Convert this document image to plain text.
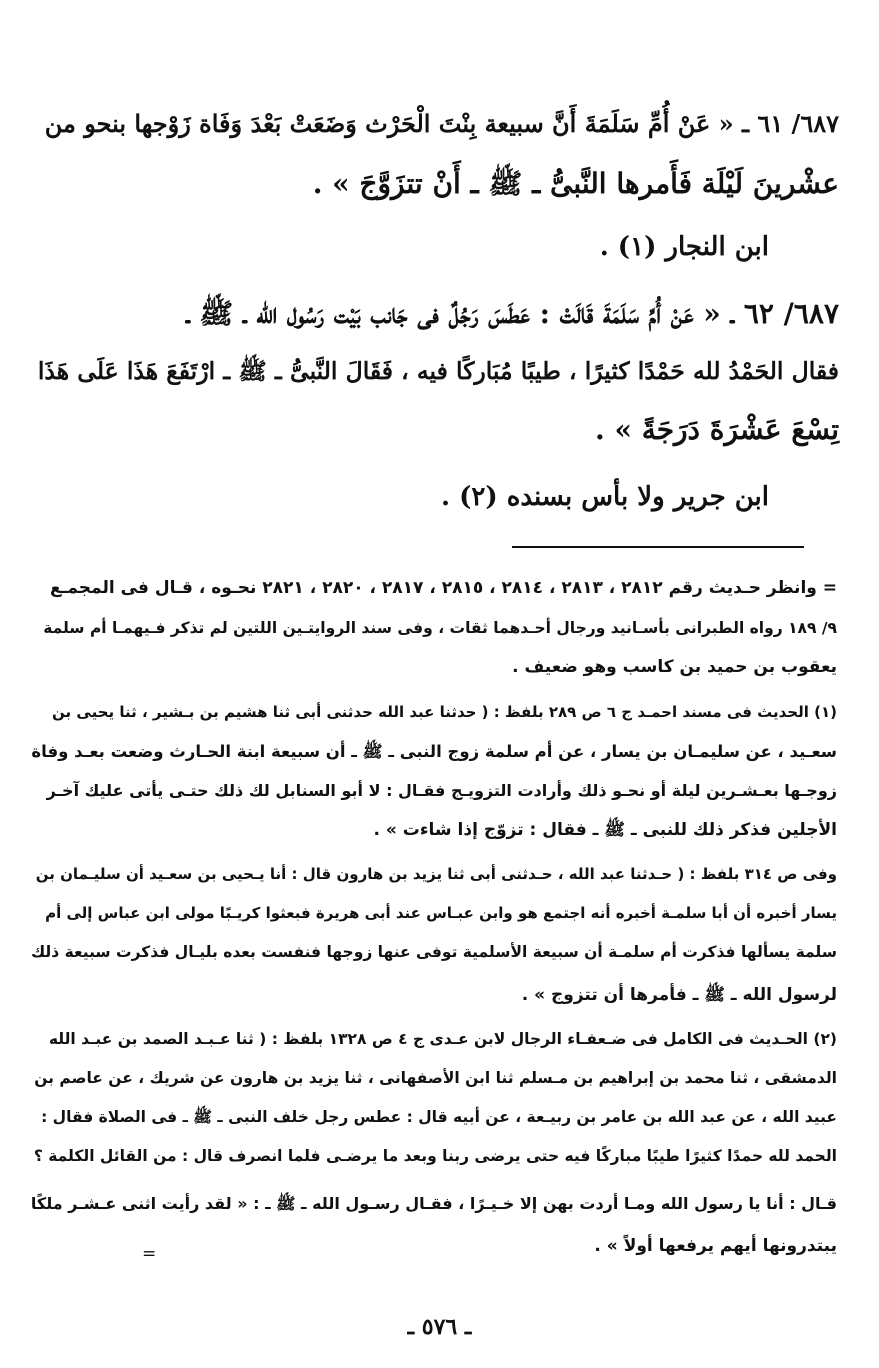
٦٨٧/ ٦١ ـ « عَنْ أُمِّ سَلَمَةَ أَنَّ سبيعة بِنْتَ الْحَرْث وَضَعَتْ بَعْدَ وَفَاة زَوْجها بنحو من
عشْرينَ لَيْلَة فَأَمرها النَّبىُّ ـ ﷺ ـ أَنْ تتزَوَّجَ » .
ابن النجار (١) .
٦٨٧/ ٦٢ ـ « عَنْ أُمِّ سَلَمَةَ قَالَتْ : عَطَسَ رَجُلٌ فى جَانب بَيْت رَسُول الله ـ ﷺ ـ
فقال الحَمْدُ لله حَمْدًا كثيرًا ، طيبًا مُبَاركًا فيه ، فَقَالَ النَّبىُّ ـ ﷺ ـ ارْتَفَعَ هَذَا عَلَى هَذَا
تِسْعَ عَشْرَةَ دَرَجَةً » .
ابن جرير ولا بأس بسنده (٢) .
= وانظر حـديث رقم ٢٨١٢ ، ٢٨١٣ ، ٢٨١٤ ، ٢٨١٥ ، ٢٨١٧ ، ٢٨٢٠ ، ٢٨٢١ نحـوه ، قـال فى المجمـع
٩/ ١٨٩ رواه الطبرانى بأسـانيد ورجال أحـدهما ثقات ، وفى سند الروايتـين اللتين لم تذكر فـيهمـا أم سلمة
يعقوب بن حميد بن كاسب وهو ضعيف .
(١) الحديث فى مسند احمـد ج ٦ ص ٢٨٩ بلفظ : ( حدثنا عبد الله حدثنى أبى ثنا هشيم بن بـشير ، ثنا يحيى بن
سعـيد ، عن سليمـان بن يسار ، عن أم سلمة زوج النبى ـ ﷺ ـ أن سبيعة ابنة الحـارث وضعت بعـد وفاة
زوجـها بعـشـرين ليلة أو نحـو ذلك وأرادت التزويـج فقـال : لا أبو السنابل لك ذلك حتـى يأتى عليك آخـر
الأجلين فذكر ذلك للنبى ـ ﷺ ـ فقال : تزوّج إذا شاءت » .
وفى ص ٣١٤ بلفظ : ( حـدثنا عبد الله ، حـدثنى أبى ثنا يزيد بن هارون قال : أنا يـحيى بن سعـيد أن سليـمان بن
يسار أخبره أن أبا سلمـة أخبره أنه اجتمع هو وابن عبـاس عند أبى هريرة فبعثوا كريـبًا مولى ابن عباس إلى أم
سلمة يسألها فذكرت أم سلمـة أن سبيعة الأسلمية توفى عنها زوجها فنفست بعده بليـال فذكرت سبيعة ذلك
لرسول الله ـ ﷺ ـ فأمرها أن تتزوج » .
(٢) الحـديث فى الكامل فى ضـعفـاء الرجال لابن عـدى ج ٤ ص ١٣٢٨ بلفظ : ( ثنا عـبـد الصمد بن عبـد الله
الدمشقى ، ثنا محمد بن إبراهيم بن مـسلم ثنا ابن الأصفهانى ، ثنا يزيد بن هارون عن شريك ، عن عاصم بن
عبيد الله ، عن عبد الله بن عامر بن ربيـعة ، عن أبيه قال : عطس رجل خلف النبى ـ ﷺ ـ فى الصلاة فقال :
الحمد لله حمدًا كثيرًا طيبًا مباركًا فيه حتى يرضى ربنا وبعد ما يرضـى فلما انصرف قال : من القائل الكلمة ؟
قـال : أنا يا رسول الله ومـا أردت بهن إلا خـيـرًا ، فقـال رسـول الله ـ ﷺ ـ : « لقد رأيت اثنى عـشـر ملكًا
يبتدرونها أيهم يرفعها أولاً » .
=
ـ ٥٧٦ ـ
